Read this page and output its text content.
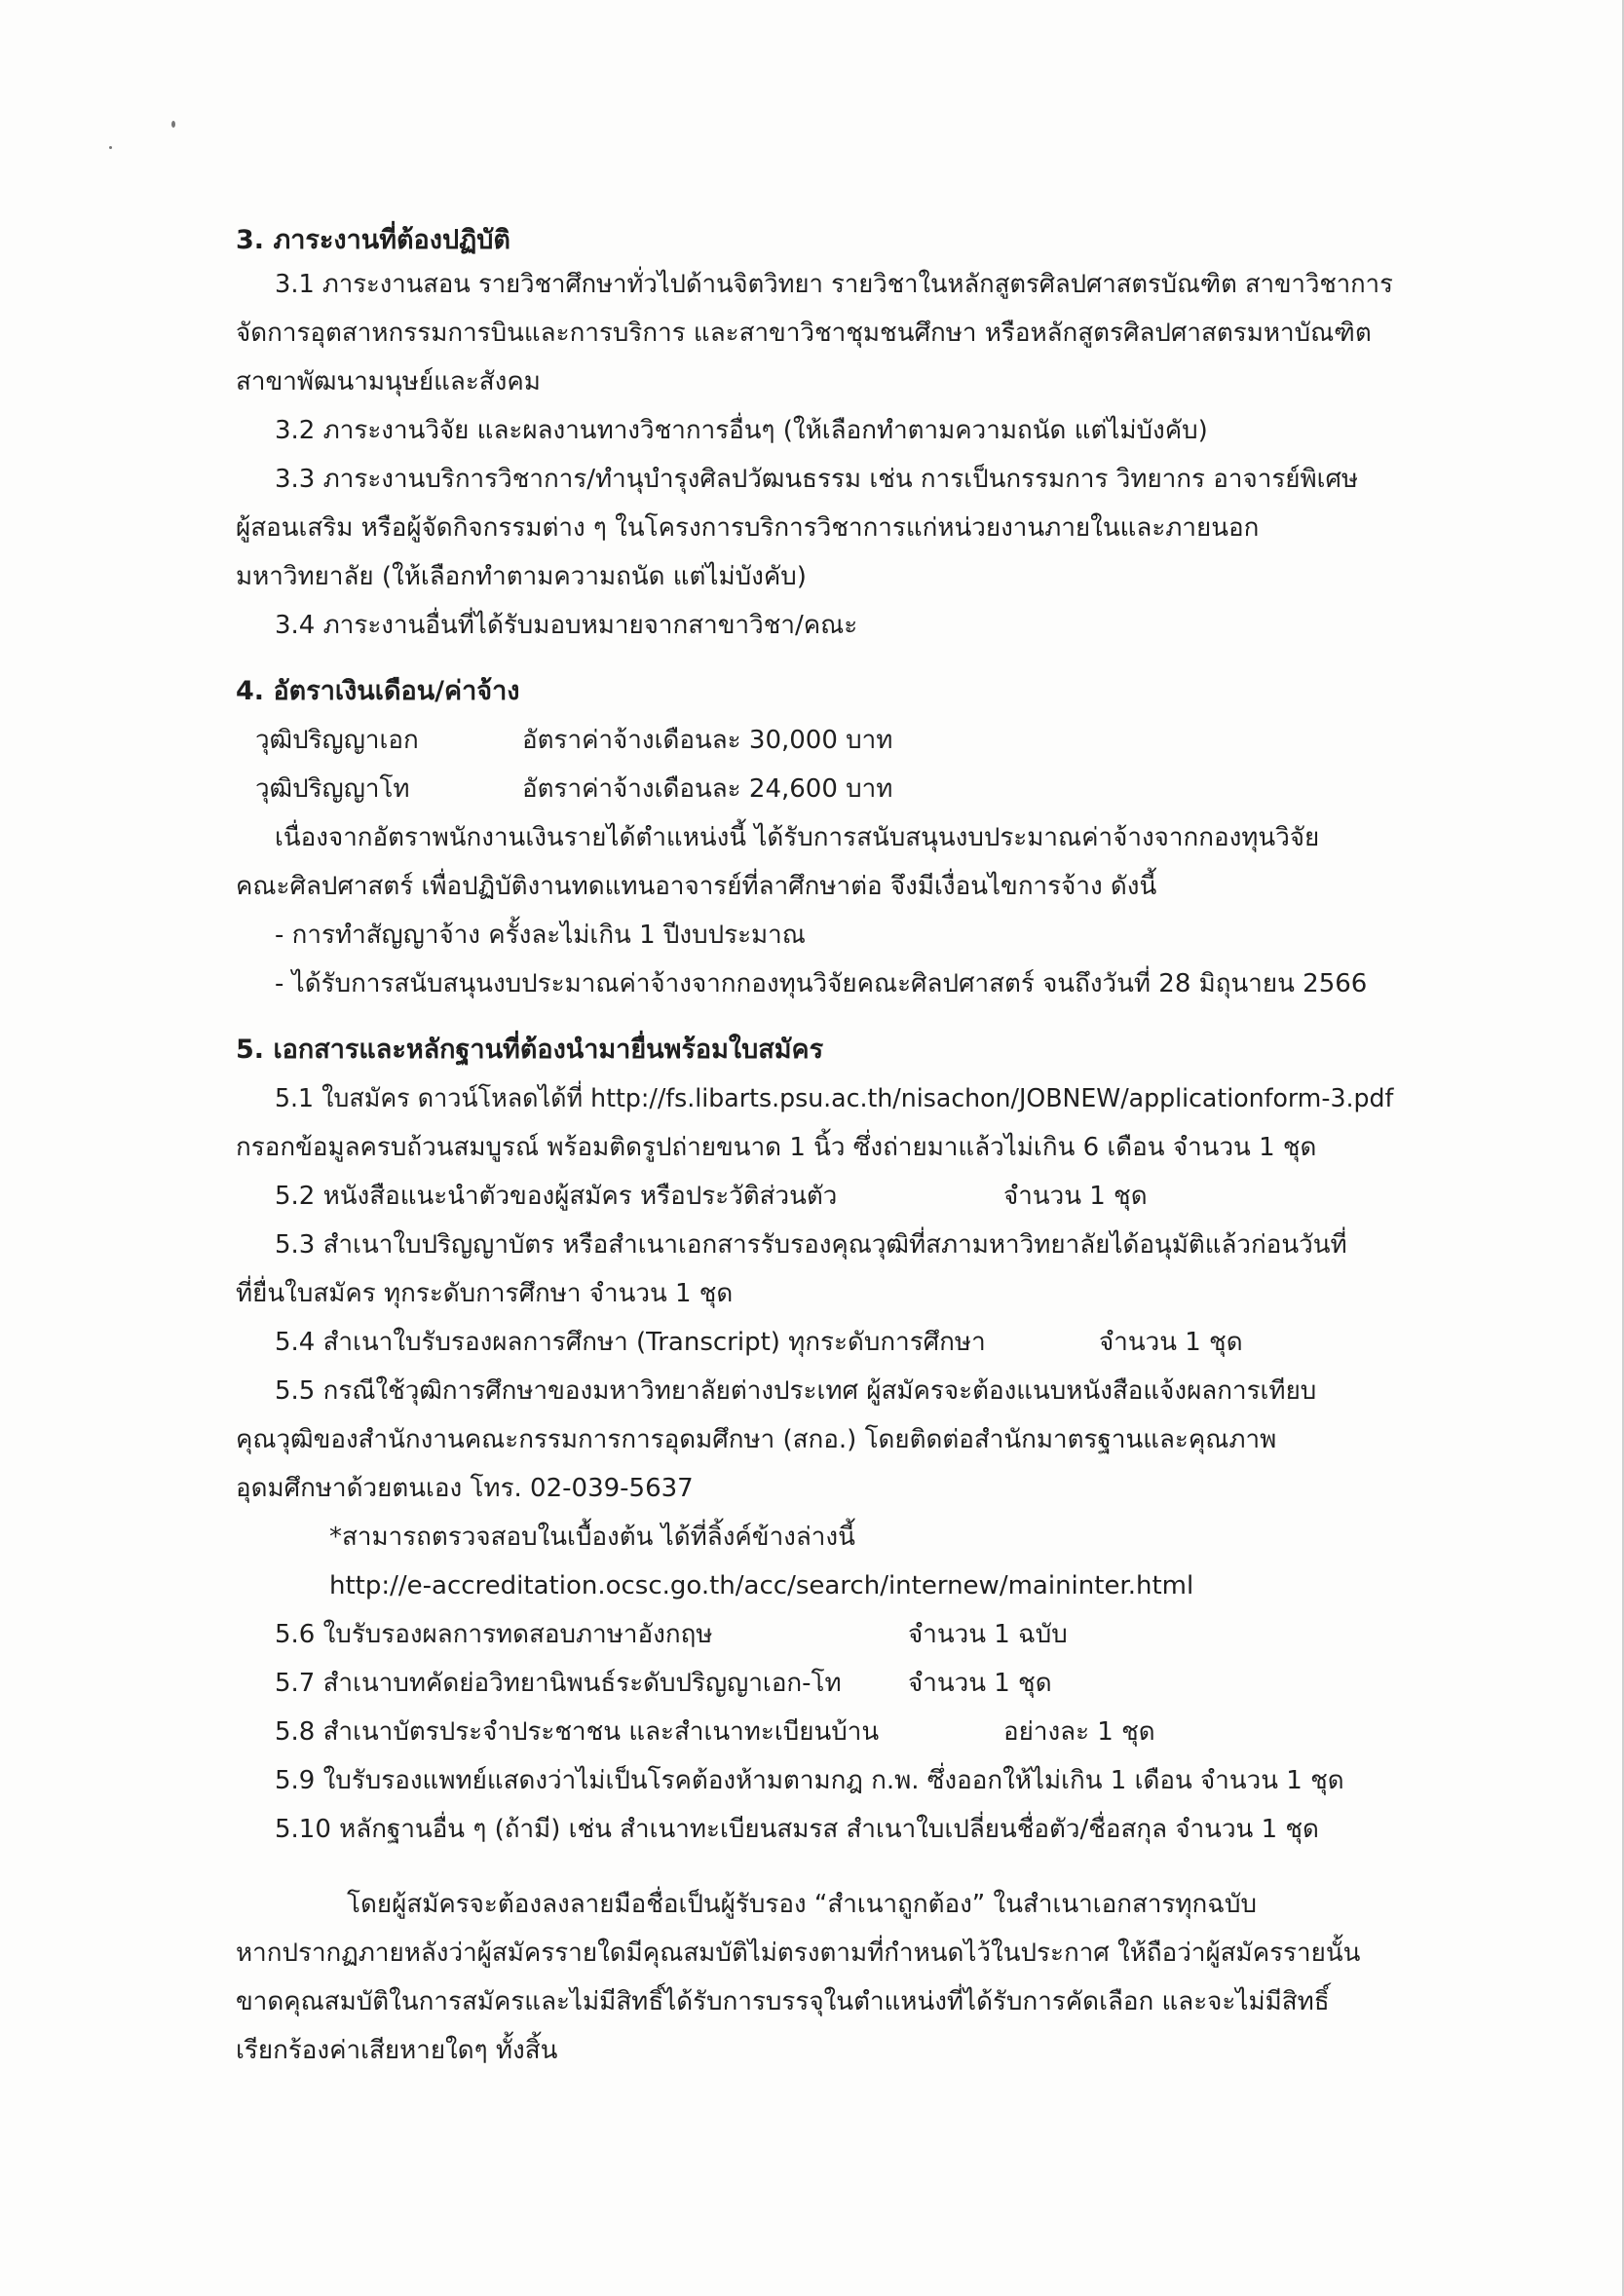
3. ภาระงานที่ต้องปฏิบัติ
3.1 ภาระงานสอน รายวิชาศึกษาทั่วไปด้านจิตวิทยา รายวิชาในหลักสูตรศิลปศาสตรบัณฑิต สาขาวิชาการ
จัดการอุตสาหกรรมการบินและการบริการ และสาขาวิชาชุมชนศึกษา หรือหลักสูตรศิลปศาสตรมหาบัณฑิต
สาขาพัฒนามนุษย์และสังคม
3.2 ภาระงานวิจัย และผลงานทางวิชาการอื่นๆ (ให้เลือกทำตามความถนัด แต่ไม่บังคับ)
3.3 ภาระงานบริการวิชาการ/ทำนุบำรุงศิลปวัฒนธรรม เช่น การเป็นกรรมการ วิทยากร อาจารย์พิเศษ
ผู้สอนเสริม หรือผู้จัดกิจกรรมต่าง ๆ ในโครงการบริการวิชาการแก่หน่วยงานภายในและภายนอก
มหาวิทยาลัย (ให้เลือกทำตามความถนัด แต่ไม่บังคับ)
3.4 ภาระงานอื่นที่ได้รับมอบหมายจากสาขาวิชา/คณะ
4. อัตราเงินเดือน/ค่าจ้าง
วุฒิปริญญาเอก	อัตราค่าจ้างเดือนละ 30,000 บาท
วุฒิปริญญาโท	อัตราค่าจ้างเดือนละ 24,600 บาท
เนื่องจากอัตราพนักงานเงินรายได้ตำแหน่งนี้ ได้รับการสนับสนุนงบประมาณค่าจ้างจากกองทุนวิจัย
คณะศิลปศาสตร์ เพื่อปฏิบัติงานทดแทนอาจารย์ที่ลาศึกษาต่อ จึงมีเงื่อนไขการจ้าง ดังนี้
- การทำสัญญาจ้าง ครั้งละไม่เกิน 1 ปีงบประมาณ
- ได้รับการสนับสนุนงบประมาณค่าจ้างจากกองทุนวิจัยคณะศิลปศาสตร์ จนถึงวันที่ 28 มิถุนายน 2566
5. เอกสารและหลักฐานที่ต้องนำมายื่นพร้อมใบสมัคร
5.1 ใบสมัคร ดาวน์โหลดได้ที่ http://fs.libarts.psu.ac.th/nisachon/JOBNEW/applicationform-3.pdf
กรอกข้อมูลครบถ้วนสมบูรณ์ พร้อมติดรูปถ่ายขนาด 1 นิ้ว ซึ่งถ่ายมาแล้วไม่เกิน 6 เดือน จำนวน 1 ชุด
5.2 หนังสือแนะนำตัวของผู้สมัคร หรือประวัติส่วนตัว	จำนวน 1 ชุด
5.3 สำเนาใบปริญญาบัตร หรือสำเนาเอกสารรับรองคุณวุฒิที่สภามหาวิทยาลัยได้อนุมัติแล้วก่อนวันที่
ที่ยื่นใบสมัคร ทุกระดับการศึกษา จำนวน 1 ชุด
5.4 สำเนาใบรับรองผลการศึกษา (Transcript) ทุกระดับการศึกษา	จำนวน 1 ชุด
5.5 กรณีใช้วุฒิการศึกษาของมหาวิทยาลัยต่างประเทศ ผู้สมัครจะต้องแนบหนังสือแจ้งผลการเทียบ
คุณวุฒิของสำนักงานคณะกรรมการการอุดมศึกษา (สกอ.) โดยติดต่อสำนักมาตรฐานและคุณภาพ
อุดมศึกษาด้วยตนเอง โทร. 02-039-5637
*สามารถตรวจสอบในเบื้องต้น ได้ที่ลิ้งค์ข้างล่างนี้
http://e-accreditation.ocsc.go.th/acc/search/internew/maininter.html
5.6 ใบรับรองผลการทดสอบภาษาอังกฤษ	จำนวน 1 ฉบับ
5.7 สำเนาบทคัดย่อวิทยานิพนธ์ระดับปริญญาเอก-โท	จำนวน 1 ชุด
5.8 สำเนาบัตรประจำประชาชน และสำเนาทะเบียนบ้าน	อย่างละ 1 ชุด
5.9 ใบรับรองแพทย์แสดงว่าไม่เป็นโรคต้องห้ามตามกฎ ก.พ. ซึ่งออกให้ไม่เกิน 1 เดือน จำนวน 1 ชุด
5.10 หลักฐานอื่น ๆ (ถ้ามี) เช่น สำเนาทะเบียนสมรส สำเนาใบเปลี่ยนชื่อตัว/ชื่อสกุล จำนวน 1 ชุด
โดยผู้สมัครจะต้องลงลายมือชื่อเป็นผู้รับรอง “สำเนาถูกต้อง” ในสำเนาเอกสารทุกฉบับ
หากปรากฏภายหลังว่าผู้สมัครรายใดมีคุณสมบัติไม่ตรงตามที่กำหนดไว้ในประกาศ ให้ถือว่าผู้สมัครรายนั้น
ขาดคุณสมบัติในการสมัครและไม่มีสิทธิ์ได้รับการบรรจุในตำแหน่งที่ได้รับการคัดเลือก และจะไม่มีสิทธิ์
เรียกร้องค่าเสียหายใดๆ ทั้งสิ้น
